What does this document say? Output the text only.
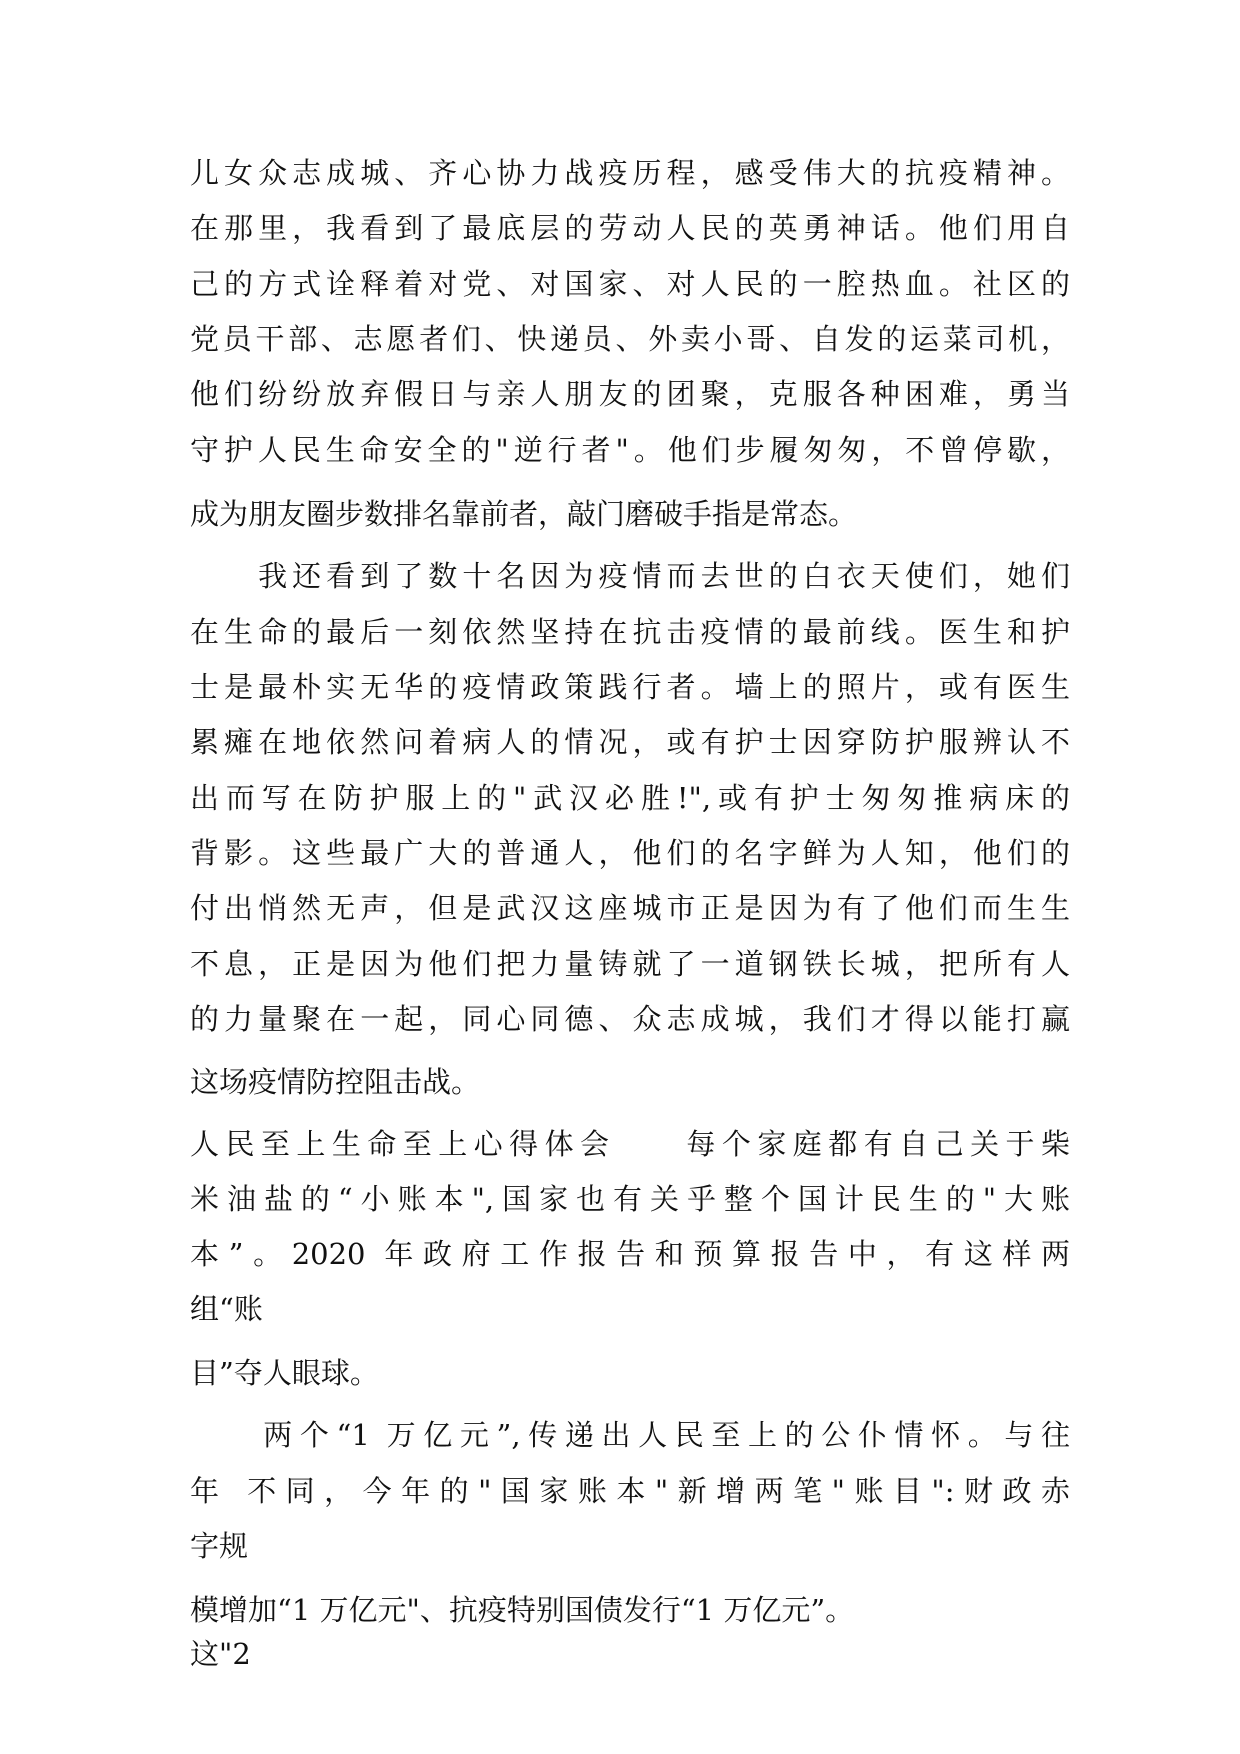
儿女众志成城、齐心协力战疫历程，感受伟大的抗疫精神。
在那里，我看到了最底层的劳动人民的英勇神话。他们用自
己的方式诠释着对党、对国家、对人民的一腔热血。社区的
党员干部、志愿者们、快递员、外卖小哥、自发的运菜司机，
他们纷纷放弃假日与亲人朋友的团聚，克服各种困难，勇当
守护人民生命安全的"逆行者"。他们步履匆匆，不曾停歇，
成为朋友圈步数排名靠前者，敲门磨破手指是常态。
　　我还看到了数十名因为疫情而去世的白衣天使们，她们
在生命的最后一刻依然坚持在抗击疫情的最前线。医生和护
士是最朴实无华的疫情政策践行者。墙上的照片，或有医生
累瘫在地依然问着病人的情况，或有护士因穿防护服辨认不
出而写在防护服上的"武汉必胜!",或有护士匆匆推病床的
背影。这些最广大的普通人，他们的名字鲜为人知，他们的
付出悄然无声，但是武汉这座城市正是因为有了他们而生生
不息，正是因为他们把力量铸就了一道钢铁长城，把所有人
的力量聚在一起，同心同德、众志成城，我们才得以能打赢
这场疫情防控阻击战。
人民至上生命至上心得体会　　每个家庭都有自己关于柴
米油盐的“小账本",国家也有关乎整个国计民生的"大账
本”。2020 年政府工作报告和预算报告中，有这样两
组“账
目”夺人眼球。
　　两个“1 万亿元”,传递出人民至上的公仆情怀。与往
年 不同，今年的"国家账本"新增两笔"账目":财政赤
字规
模增加“1 万亿元"、抗疫特别国债发行“1 万亿元”。
这"2
